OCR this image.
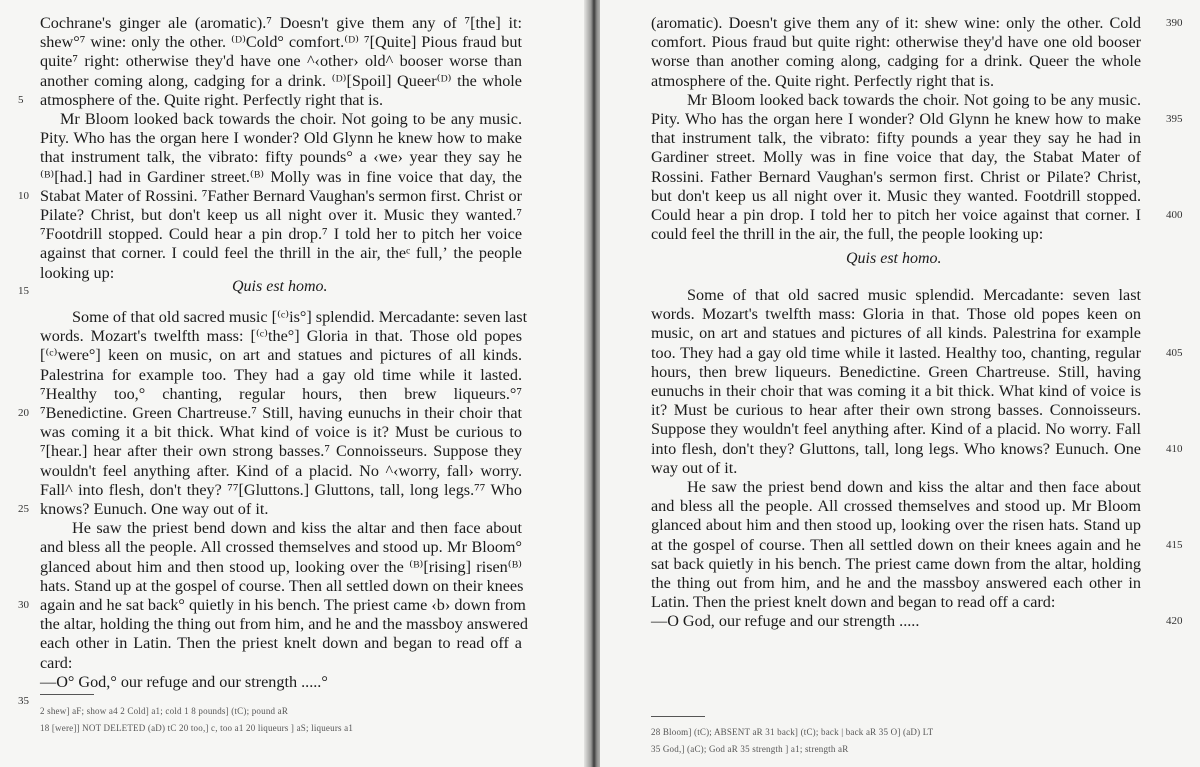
Cochrane's ginger ale (aromatic).⁷ Doesn't give them any of ⁷[the] it:
shew°⁷ wine: only the other. ⁽ᴰ⁾Cold° comfort.⁽ᴰ⁾ ⁷[Quite] Pious fraud but
quite⁷ right: otherwise they'd have one ^‹other› old^ booser worse than
another coming along, cadging for a drink. ⁽ᴰ⁾[Spoil] Queer⁽ᴰ⁾ the whole
atmosphere of the. Quite right. Perfectly right that is.
Mr Bloom looked back towards the choir. Not going to be any music.
Pity. Who has the organ here I wonder? Old Glynn he knew how to make
that instrument talk, the vibrato: fifty pounds° a ‹we› year they say he
⁽ᴮ⁾[had.] had in Gardiner street.⁽ᴮ⁾ Molly was in fine voice that day, the
Stabat Mater of Rossini. ⁷Father Bernard Vaughan's sermon first. Christ or
Pilate? Christ, but don't keep us all night over it. Music they wanted.⁷
⁷Footdrill stopped. Could hear a pin drop.⁷ I told her to pitch her voice
against that corner. I could feel the thrill in the air, theᶜ full,ʼ the people
looking up:
Some of that old sacred music [⁽ᶜ⁾is°] splendid. Mercadante: seven last
words. Mozart's twelfth mass: [⁽ᶜ⁾the°] Gloria in that. Those old popes
[⁽ᶜ⁾were°] keen on music, on art and statues and pictures of all kinds.
Palestrina for example too. They had a gay old time while it lasted.
⁷Healthy too,° chanting, regular hours, then brew liqueurs.°⁷
⁷Benedictine. Green Chartreuse.⁷ Still, having eunuchs in their choir that
was coming it a bit thick. What kind of voice is it? Must be curious to
⁷[hear.] hear after their own strong basses.⁷ Connoisseurs. Suppose they
wouldn't feel anything after. Kind of a placid. No ^‹worry, fall› worry.
Fall^ into flesh, don't they? ⁷⁷[Gluttons.] Gluttons, tall, long legs.⁷⁷ Who
knows? Eunuch. One way out of it.
He saw the priest bend down and kiss the altar and then face about
and bless all the people. All crossed themselves and stood up. Mr Bloom°
glanced about him and then stood up, looking over the ⁽ᴮ⁾[rising] risen⁽ᴮ⁾
hats. Stand up at the gospel of course. Then all settled down on their knees
again and he sat back° quietly in his bench. The priest came ‹b› down from
the altar, holding the thing out from him, and he and the massboy answered
each other in Latin. Then the priest knelt down and began to read off a
card:
—O° God,° our refuge and our strength .....°
Quis est homo.
5
10
15
20
25
30
35
2 shew] aF; show a4 2 Cold] a1; cold 1 8 pounds] (tC); pound aR
18 [were]] NOT DELETED (aD) tC 20 too,] c, too a1 20 liqueurs ] aS; liqueurs a1
(aromatic). Doesn't give them any of it: shew wine: only the other. Cold
comfort. Pious fraud but quite right: otherwise they'd have one old booser
worse than another coming along, cadging for a drink. Queer the whole
atmosphere of the. Quite right. Perfectly right that is.
Mr Bloom looked back towards the choir. Not going to be any music.
Pity. Who has the organ here I wonder? Old Glynn he knew how to make
that instrument talk, the vibrato: fifty pounds a year they say he had in
Gardiner street. Molly was in fine voice that day, the Stabat Mater of
Rossini. Father Bernard Vaughan's sermon first. Christ or Pilate? Christ,
but don't keep us all night over it. Music they wanted. Footdrill stopped.
Could hear a pin drop. I told her to pitch her voice against that corner. I
could feel the thrill in the air, the full, the people looking up:
Some of that old sacred music splendid. Mercadante: seven last
words. Mozart's twelfth mass: Gloria in that. Those old popes keen on
music, on art and statues and pictures of all kinds. Palestrina for example
too. They had a gay old time while it lasted. Healthy too, chanting, regular
hours, then brew liqueurs. Benedictine. Green Chartreuse. Still, having
eunuchs in their choir that was coming it a bit thick. What kind of voice is
it? Must be curious to hear after their own strong basses. Connoisseurs.
Suppose they wouldn't feel anything after. Kind of a placid. No worry. Fall
into flesh, don't they? Gluttons, tall, long legs. Who knows? Eunuch. One
way out of it.
He saw the priest bend down and kiss the altar and then face about
and bless all the people. All crossed themselves and stood up. Mr Bloom
glanced about him and then stood up, looking over the risen hats. Stand up
at the gospel of course. Then all settled down on their knees again and he
sat back quietly in his bench. The priest came down from the altar, holding
the thing out from him, and he and the massboy answered each other in
Latin. Then the priest knelt down and began to read off a card:
—O God, our refuge and our strength .....
Quis est homo.
390
395
400
405
410
415
420
28 Bloom] (tC); ABSENT aR 31 back] (tC); back | back aR 35 O] (aD) LT
35 God,] (aC); God aR 35 strength ] a1; strength aR
